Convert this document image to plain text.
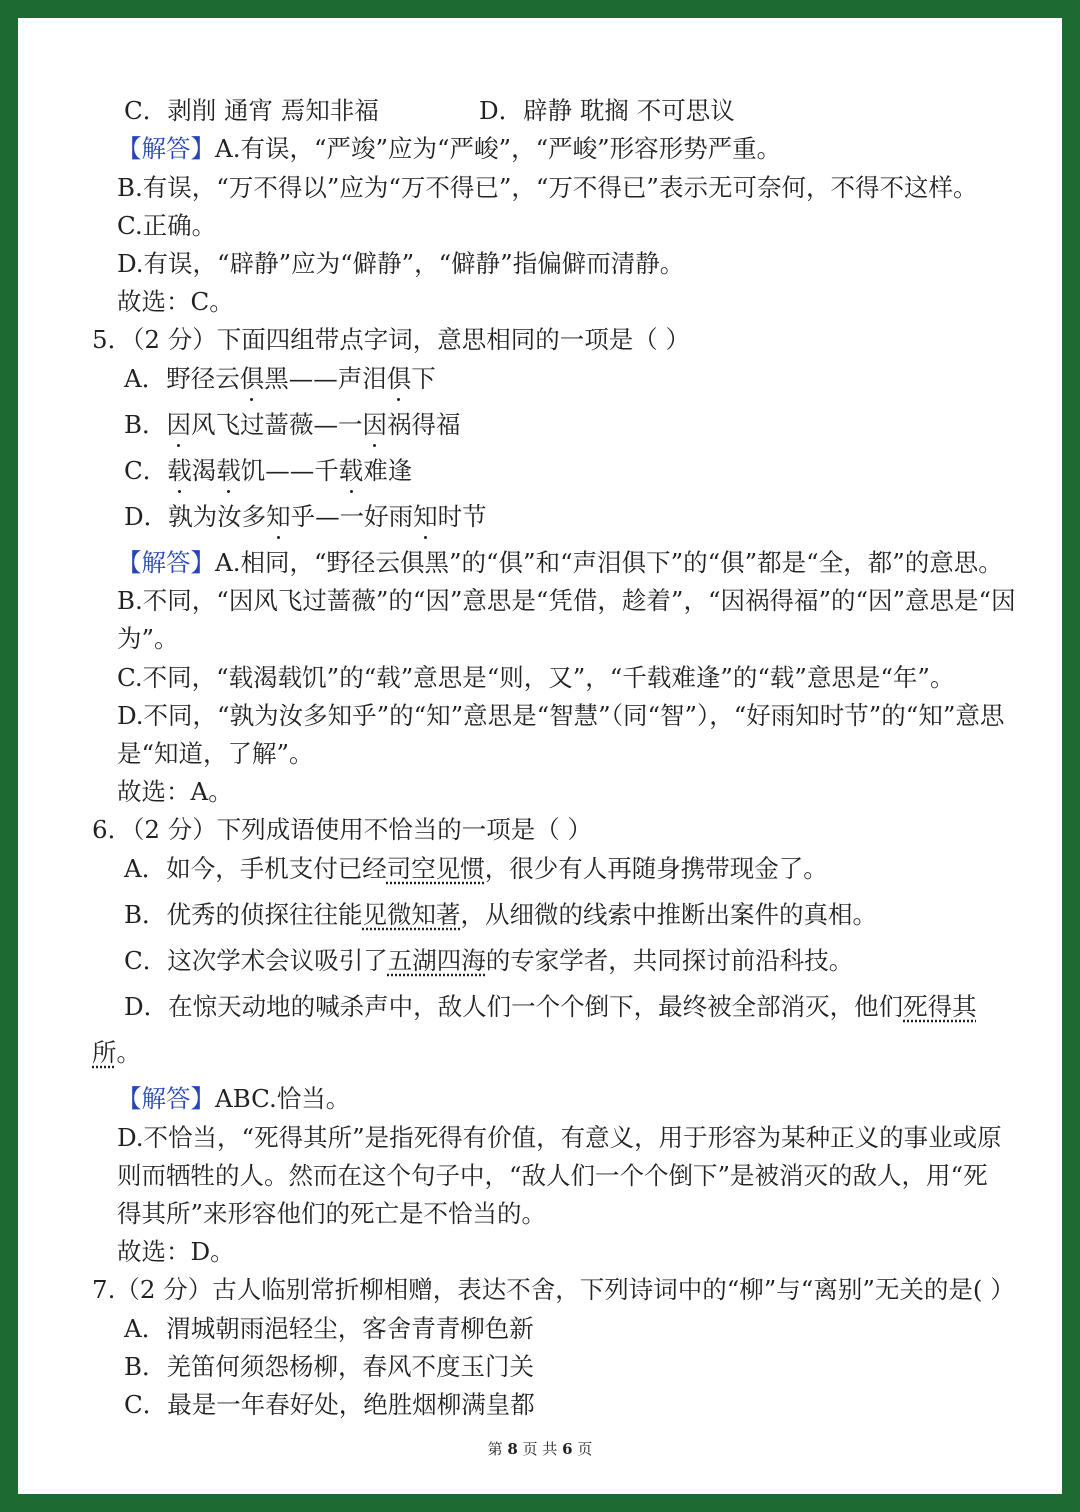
C．剥削 通宵 焉知非福	D．辟静 耽搁 不可思议
【解答】A.有误，“严竣”应为“严峻”，“严峻”形容形势严重。
B.有误，“万不得以”应为“万不得已”，“万不得已”表示无可奈何，不得不这样。
C.正确。
D.有误，“辟静”应为“僻静”，“僻静”指偏僻而清静。
故选：C。
5．（2 分）下面四组带点字词，意思相同的一项是（ ）
A．野径云俱黑——声泪俱下
B．因风飞过蔷薇—一因祸得福
C．载渴载饥——千载难逢
D．孰为汝多知乎—一好雨知时节
【解答】A.相同，“野径云俱黑”的“俱”和“声泪俱下”的“俱”都是“全，都”的意思。
B.不同，“因风飞过蔷薇”的“因”意思是“凭借，趁着”，“因祸得福”的“因”意思是“因
为”。
C.不同，“载渴载饥”的“载”意思是“则，又”，“千载难逢”的“载”意思是“年”。
D.不同，“孰为汝多知乎”的“知”意思是“智慧”（同“智”），“好雨知时节”的“知”意思
是“知道，了解”。
故选：A。
6．（2 分）下列成语使用不恰当的一项是（ ）
A．如今，手机支付已经司空见惯，很少有人再随身携带现金了。
B．优秀的侦探往往能见微知著，从细微的线索中推断出案件的真相。
C．这次学术会议吸引了五湖四海的专家学者，共同探讨前沿科技。
D．在惊天动地的喊杀声中，敌人们一个个倒下，最终被全部消灭，他们死得其
所。
【解答】ABC.恰当。
D.不恰当，“死得其所”是指死得有价值，有意义，用于形容为某种正义的事业或原
则而牺牲的人。然而在这个句子中，“敌人们一个个倒下”是被消灭的敌人，用“死
得其所”来形容他们的死亡是不恰当的。
故选：D。
7.（2 分）古人临别常折柳相赠，表达不舍，下列诗词中的“柳”与“离别”无关的是( ）
A．渭城朝雨浥轻尘，客舍青青柳色新
B．羌笛何须怨杨柳，春风不度玉门关
C．最是一年春好处，绝胜烟柳满皇都
第 8 页 共 6 页
